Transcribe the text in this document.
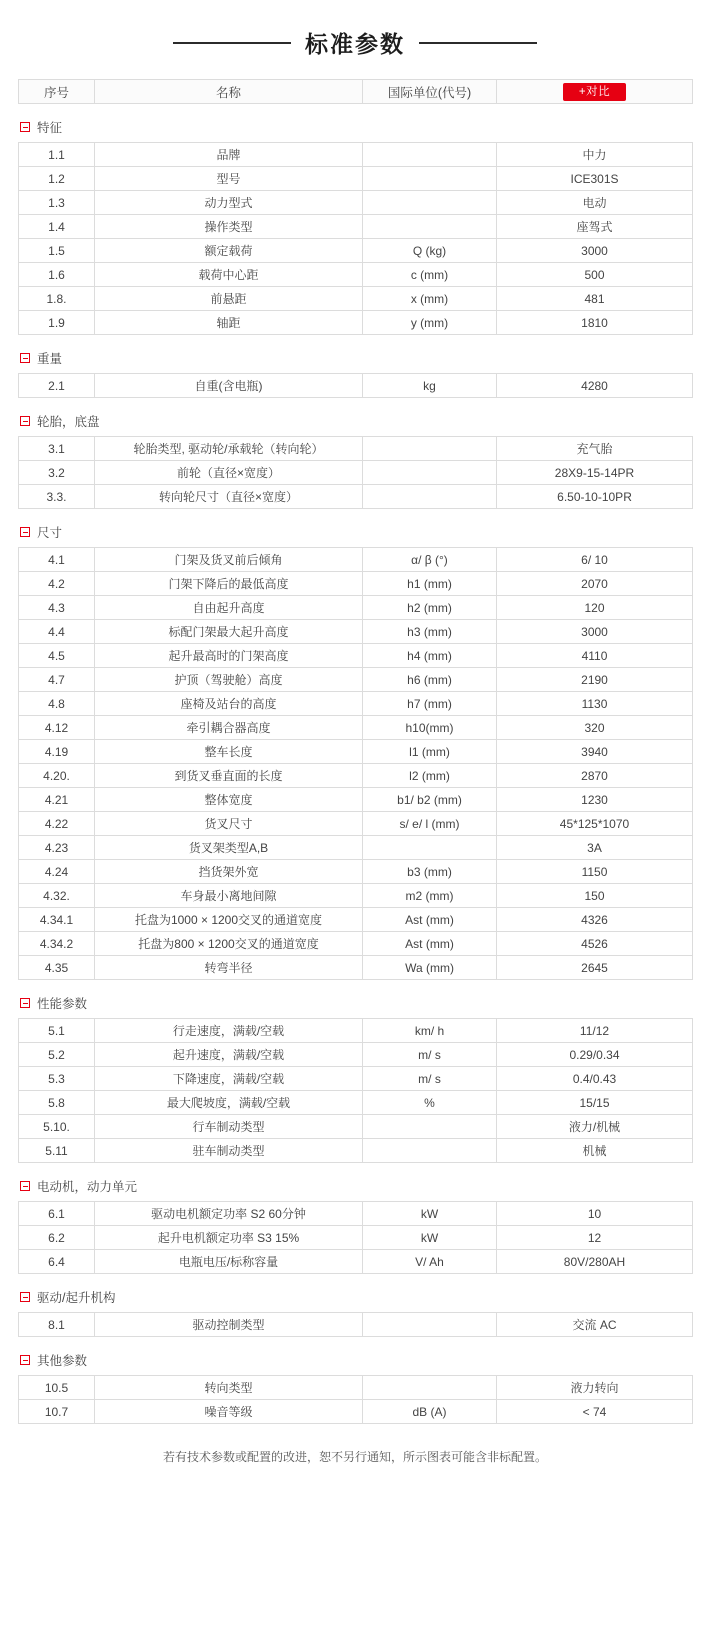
标准参数
序号	名称	国际单位(代号)	+对比
特征
1.1	品牌		中力
1.2	型号		ICE301S
1.3	动力型式		电动
1.4	操作类型		座驾式
1.5	额定载荷	Q (kg)	3000
1.6	载荷中心距	c (mm)	500
1.8.	前悬距	x (mm)	481
1.9	轴距	y (mm)	1810
重量
2.1	自重(含电瓶)	kg	4280
轮胎，底盘
3.1	轮胎类型, 驱动轮/承载轮（转向轮）		充气胎
3.2	前轮（直径×宽度）		28X9-15-14PR
3.3.	转向轮尺寸（直径×宽度）		6.50-10-10PR
尺寸
4.1	门架及货叉前后倾角	α/ β (°)	6/ 10
4.2	门架下降后的最低高度	h1 (mm)	2070
4.3	自由起升高度	h2 (mm)	120
4.4	标配门架最大起升高度	h3 (mm)	3000
4.5	起升最高时的门架高度	h4 (mm)	4110
4.7	护顶（驾驶舱）高度	h6 (mm)	2190
4.8	座椅及站台的高度	h7 (mm)	1130
4.12	牵引耦合器高度	h10(mm)	320
4.19	整车长度	l1 (mm)	3940
4.20.	到货叉垂直面的长度	l2 (mm)	2870
4.21	整体宽度	b1/ b2 (mm)	1230
4.22	货叉尺寸	s/ e/ l (mm)	45*125*1070
4.23	货叉架类型A,B		3A
4.24	挡货架外宽	b3 (mm)	1150
4.32.	车身最小离地间隙	m2 (mm)	150
4.34.1	托盘为1000 × 1200交叉的通道宽度	Ast (mm)	4326
4.34.2	托盘为800 × 1200交叉的通道宽度	Ast (mm)	4526
4.35	转弯半径	Wa (mm)	2645
性能参数
5.1	行走速度，满载/空载	km/ h	11/12
5.2	起升速度，满载/空载	m/ s	0.29/0.34
5.3	下降速度，满载/空载	m/ s	0.4/0.43
5.8	最大爬坡度，满载/空载	%	15/15
5.10.	行车制动类型		液力/机械
5.11	驻车制动类型		机械
电动机，动力单元
6.1	驱动电机额定功率 S2 60分钟	kW	10
6.2	起升电机额定功率 S3 15%	kW	12
6.4	电瓶电压/标称容量	V/ Ah	80V/280AH
驱动/起升机构
8.1	驱动控制类型		交流 AC
其他参数
10.5	转向类型		液力转向
10.7	噪音等级	dB (A)	< 74
若有技术参数或配置的改进，恕不另行通知，所示图表可能含非标配置。
